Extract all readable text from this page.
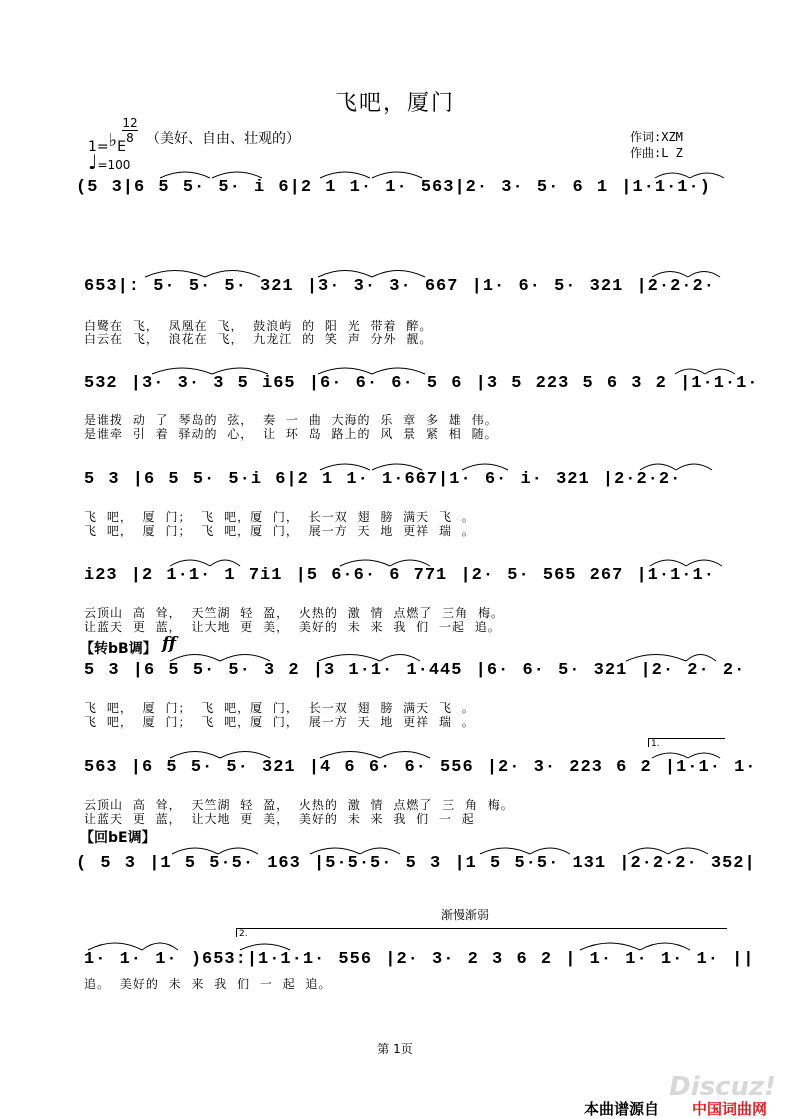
飞吧，厦门
1=♭E
12
8 （美好、自由、壮观的）
♩=100
作词:XZM
作曲:L Z
(5 3|6 5 5· 5· i 6|2 1 1· 1· 563|2· 3· 5· 6 1 |1·1·1·)
653|: 5· 5· 5· 321 |3· 3· 3· 667 |1· 6· 5· 321 |2·2·2·
白鹭在 飞， 凤凰在 飞， 鼓浪屿 的 阳 光 带着 醉。
白云在 飞， 浪花在 飞， 九龙江 的 笑 声 分外 靓。
532 |3· 3· 3 5 i65 |6· 6· 6· 5 6 |3 5 223 5 6 3 2 |1·1·1·
是谁拨 动 了 琴岛的 弦， 奏 一 曲 大海的 乐 章 多 雄 伟。
是谁牵 引 着 驿动的 心， 让 环 岛 路上的 风 景 紧 相 随。
5 3 |6 5 5· 5·i 6|2 1 1· 1·667|1· 6· i· 321 |2·2·2·
飞 吧， 厦 门； 飞 吧，厦 门， 长一双 翅 膀 满天 飞 。
飞 吧， 厦 门； 飞 吧，厦 门， 展一方 天 地 更祥 瑞 。
i23 |2 1·1· 1 7i1 |5 6·6· 6 771 |2· 5· 565 267 |1·1·1·
云顶山 高 耸， 天竺湖 轻 盈， 火热的 激 情 点燃了 三角 梅。
让蓝天 更 蓝， 让大地 更 美， 美好的 未 来 我 们 一起 追。
【转bB调】 ff
5 3 |6 5 5· 5· 3 2 |3 1·1· 1·445 |6· 6· 5· 321 |2· 2· 2·
飞 吧， 厦 门； 飞 吧，厦 门， 长一双 翅 膀 满天 飞 。
飞 吧， 厦 门； 飞 吧，厦 门， 展一方 天 地 更祥 瑞 。
563 |6 5 5· 5· 321 |4 6 6· 6· 556 |2· 3· 223 6 2 |1·1· 1·
1.
云顶山 高 耸， 天竺湖 轻 盈， 火热的 激 情 点燃了 三 角 梅。
让蓝天 更 蓝， 让大地 更 美， 美好的 未 来 我 们 一 起
【回bE调】
( 5 3 |1 5 5·5· 163 |5·5·5· 5 3 |1 5 5·5· 131 |2·2·2· 352|
渐慢渐弱
2.
1· 1· 1· )653:|1·1·1· 556 |2· 3· 2 3 6 2 | 1· 1· 1· 1· ||
追。 美好的 未 来 我 们 一 起 追。
第 1页
Discuz!
本曲谱源自 中国词曲网
